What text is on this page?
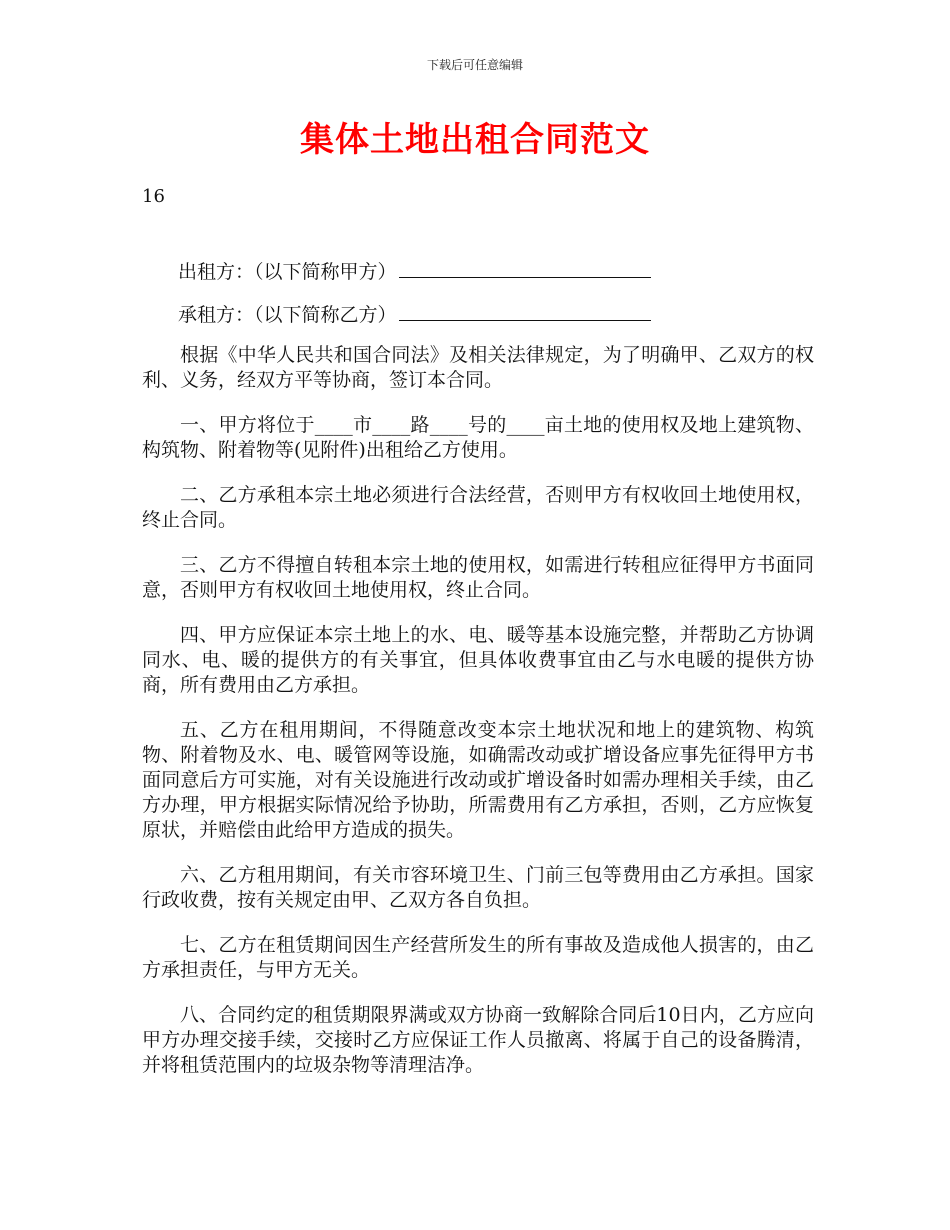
下载后可任意编辑
集体土地出租合同范文
16
出租方：（以下简称甲方）
承租方：（以下简称乙方）

根据《中华人民共和国合同法》及相关法律规定，为了明确甲、乙双方的权利、义务，经双方平等协商，签订本合同。

一、甲方将位于____市____路____号的____亩土地的使用权及地上建筑物、构筑物、附着物等(见附件)出租给乙方使用。

二、乙方承租本宗土地必须进行合法经营，否则甲方有权收回土地使用权，终止合同。

三、乙方不得擅自转租本宗土地的使用权，如需进行转租应征得甲方书面同意，否则甲方有权收回土地使用权，终止合同。

四、甲方应保证本宗土地上的水、电、暖等基本设施完整，并帮助乙方协调同水、电、暖的提供方的有关事宜，但具体收费事宜由乙与水电暖的提供方协商，所有费用由乙方承担。

五、乙方在租用期间，不得随意改变本宗土地状况和地上的建筑物、构筑物、附着物及水、电、暖管网等设施，如确需改动或扩增设备应事先征得甲方书面同意后方可实施，对有关设施进行改动或扩增设备时如需办理相关手续，由乙方办理，甲方根据实际情况给予协助，所需费用有乙方承担，否则，乙方应恢复原状，并赔偿由此给甲方造成的损失。

六、乙方租用期间，有关市容环境卫生、门前三包等费用由乙方承担。国家行政收费，按有关规定由甲、乙双方各自负担。

七、乙方在租赁期间因生产经营所发生的所有事故及造成他人损害的，由乙方承担责任，与甲方无关。

八、合同约定的租赁期限界满或双方协商一致解除合同后10日内，乙方应向甲方办理交接手续，交接时乙方应保证工作人员撤离、将属于自己的设备腾清，并将租赁范围内的垃圾杂物等清理洁净。
